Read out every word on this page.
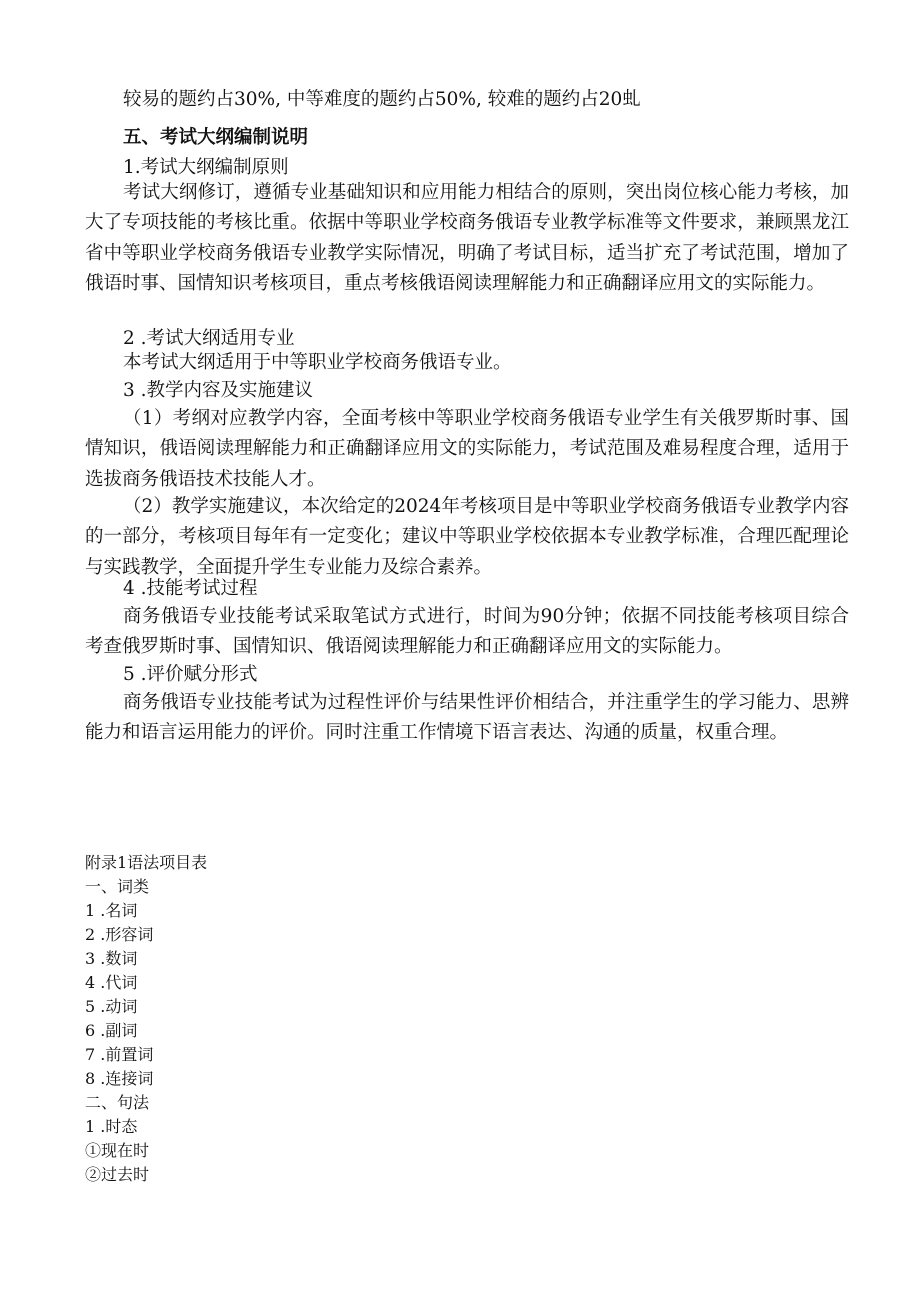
较易的题约占30%, 中等难度的题约占50%, 较难的题约占20虬
五、考试大纲编制说明
1.考试大纲编制原则
考试大纲修订，遵循专业基础知识和应用能力相结合的原则，突出岗位核心能力考核，加大了专项技能的考核比重。依据中等职业学校商务俄语专业教学标准等文件要求，兼顾黑龙江省中等职业学校商务俄语专业教学实际情况，明确了考试目标，适当扩充了考试范围，增加了俄语时事、国情知识考核项目，重点考核俄语阅读理解能力和正确翻译应用文的实际能力。
2 .考试大纲适用专业
本考试大纲适用于中等职业学校商务俄语专业。
3 .教学内容及实施建议
（1）考纲对应教学内容，全面考核中等职业学校商务俄语专业学生有关俄罗斯时事、国情知识，俄语阅读理解能力和正确翻译应用文的实际能力，考试范围及难易程度合理，适用于选拔商务俄语技术技能人才。
（2）教学实施建议，本次给定的2024年考核项目是中等职业学校商务俄语专业教学内容的一部分，考核项目每年有一定变化；建议中等职业学校依据本专业教学标准，合理匹配理论与实践教学，全面提升学生专业能力及综合素养。
4 .技能考试过程
商务俄语专业技能考试采取笔试方式进行，时间为90分钟；依据不同技能考核项目综合考查俄罗斯时事、国情知识、俄语阅读理解能力和正确翻译应用文的实际能力。
5 .评价赋分形式
商务俄语专业技能考试为过程性评价与结果性评价相结合，并注重学生的学习能力、思辨能力和语言运用能力的评价。同时注重工作情境下语言表达、沟通的质量，权重合理。
附录1语法项目表
一、词类
1 .名词
2 .形容词
3 .数词
4 .代词
5 .动词
6 .副词
7 .前置词
8 .连接词
二、句法
1 .时态
①现在时
②过去时
